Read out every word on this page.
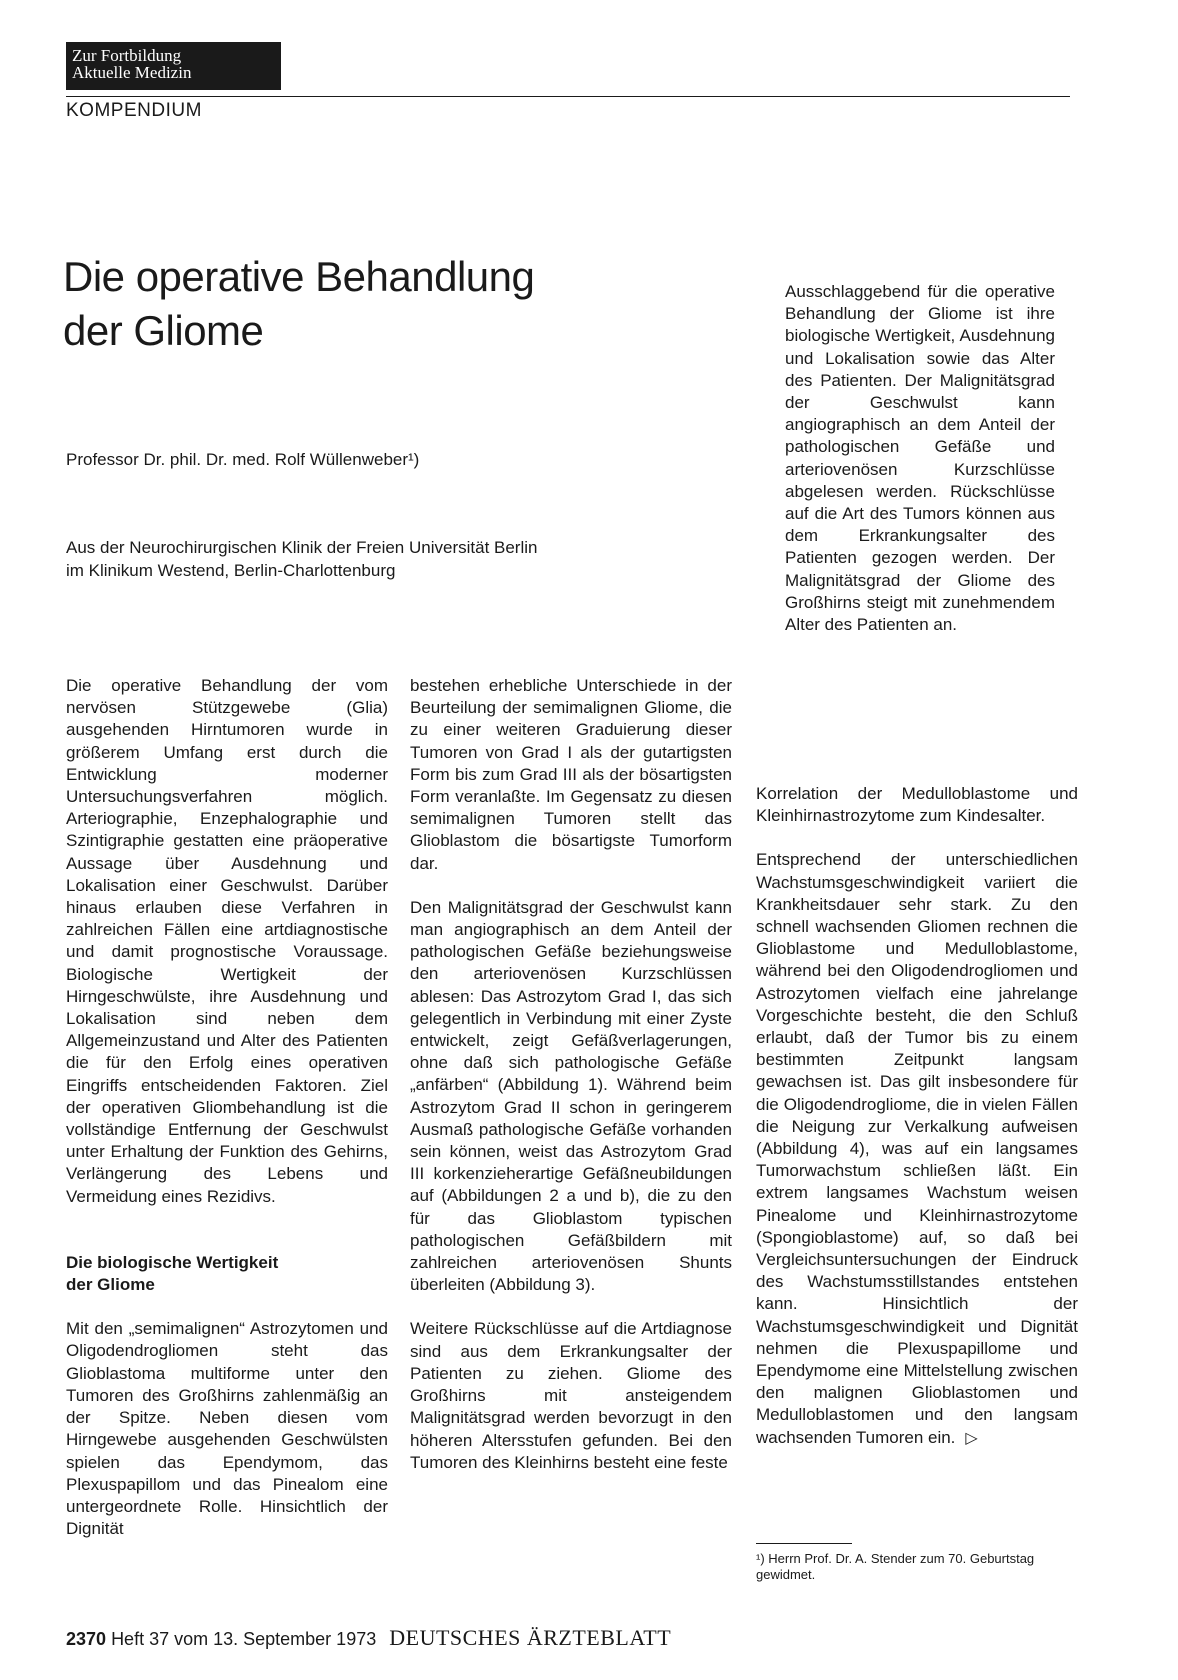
Zur Fortbildung
Aktuelle Medizin
KOMPENDIUM
Die operative Behandlung
der Gliome
Professor Dr. phil. Dr. med. Rolf Wüllenweber¹)
Aus der Neurochirurgischen Klinik der Freien Universität Berlin
im Klinikum Westend, Berlin-Charlottenburg

Ausschlaggebend für die operative Behandlung der Gliome ist ihre biologische Wertigkeit, Ausdehnung und Lokalisation sowie das Alter des Patienten. Der Malignitätsgrad der Geschwulst kann angiographisch an dem Anteil der pathologischen Gefäße und arteriovenösen Kurzschlüsse abgelesen werden. Rückschlüsse auf die Art des Tumors können aus dem Erkrankungsalter des Patienten gezogen werden. Der Malignitätsgrad der Gliome des Großhirns steigt mit zunehmendem Alter des Patienten an.

Die operative Behandlung der vom nervösen Stützgewebe (Glia) ausgehenden Hirntumoren wurde in größerem Umfang erst durch die Entwicklung moderner Untersuchungsverfahren möglich. Arteriographie, Enzephalographie und Szintigraphie gestatten eine präoperative Aussage über Ausdehnung und Lokalisation einer Geschwulst. Darüber hinaus erlauben diese Verfahren in zahlreichen Fällen eine artdiagnostische und damit prognostische Voraussage. Biologische Wertigkeit der Hirngeschwülste, ihre Ausdehnung und Lokalisation sind neben dem Allgemeinzustand und Alter des Patienten die für den Erfolg eines operativen Eingriffs entscheidenden Faktoren. Ziel der operativen Gliombehandlung ist die vollständige Entfernung der Geschwulst unter Erhaltung der Funktion des Gehirns, Verlängerung des Lebens und Vermeidung eines Rezidivs.

Die biologische Wertigkeit
der Gliome

Mit den „semimalignen“ Astrozytomen und Oligodendrogliomen steht das Glioblastoma multiforme unter den Tumoren des Großhirns zahlenmäßig an der Spitze. Neben diesen vom Hirngewebe ausgehenden Geschwülsten spielen das Ependymom, das Plexuspapillom und das Pinealom eine untergeordnete Rolle. Hinsichtlich der Dignität

bestehen erhebliche Unterschiede in der Beurteilung der semimalignen Gliome, die zu einer weiteren Graduierung dieser Tumoren von Grad I als der gutartigsten Form bis zum Grad III als der bösartigsten Form veranlaßte. Im Gegensatz zu diesen semimalignen Tumoren stellt das Glioblastom die bösartigste Tumorform dar.

Den Malignitätsgrad der Geschwulst kann man angiographisch an dem Anteil der pathologischen Gefäße beziehungsweise den arteriovenösen Kurzschlüssen ablesen: Das Astrozytom Grad I, das sich gelegentlich in Verbindung mit einer Zyste entwickelt, zeigt Gefäßverlagerungen, ohne daß sich pathologische Gefäße „anfärben“ (Abbildung 1). Während beim Astrozytom Grad II schon in geringerem Ausmaß pathologische Gefäße vorhanden sein können, weist das Astrozytom Grad III korkenzieherartige Gefäßneubildungen auf (Abbildungen 2 a und b), die zu den für das Glioblastom typischen pathologischen Gefäßbildern mit zahlreichen arteriovenösen Shunts überleiten (Abbildung 3).

Weitere Rückschlüsse auf die Artdiagnose sind aus dem Erkrankungsalter der Patienten zu ziehen. Gliome des Großhirns mit ansteigendem Malignitätsgrad werden bevorzugt in den höheren Altersstufen gefunden. Bei den Tumoren des Kleinhirns besteht eine feste

Korrelation der Medulloblastome und Kleinhirnastrozytome zum Kindesalter.

Entsprechend der unterschiedlichen Wachstumsgeschwindigkeit variiert die Krankheitsdauer sehr stark. Zu den schnell wachsenden Gliomen rechnen die Glioblastome und Medulloblastome, während bei den Oligodendrogliomen und Astrozytomen vielfach eine jahrelange Vorgeschichte besteht, die den Schluß erlaubt, daß der Tumor bis zu einem bestimmten Zeitpunkt langsam gewachsen ist. Das gilt insbesondere für die Oligodendrogliome, die in vielen Fällen die Neigung zur Verkalkung aufweisen (Abbildung 4), was auf ein langsames Tumorwachstum schließen läßt. Ein extrem langsames Wachstum weisen Pinealome und Kleinhirnastrozytome (Spongioblastome) auf, so daß bei Vergleichsuntersuchungen der Eindruck des Wachstumsstillstandes entstehen kann. Hinsichtlich der Wachstumsgeschwindigkeit und Dignität nehmen die Plexuspapillome und Ependymome eine Mittelstellung zwischen den malignen Glioblastomen und Medulloblastomen und den langsam wachsenden Tumoren ein. ▷

¹) Herrn Prof. Dr. A. Stender zum 70. Geburtstag gewidmet.
2370 Heft 37 vom 13. September 1973 DEUTSCHES ÄRZTEBLATT
